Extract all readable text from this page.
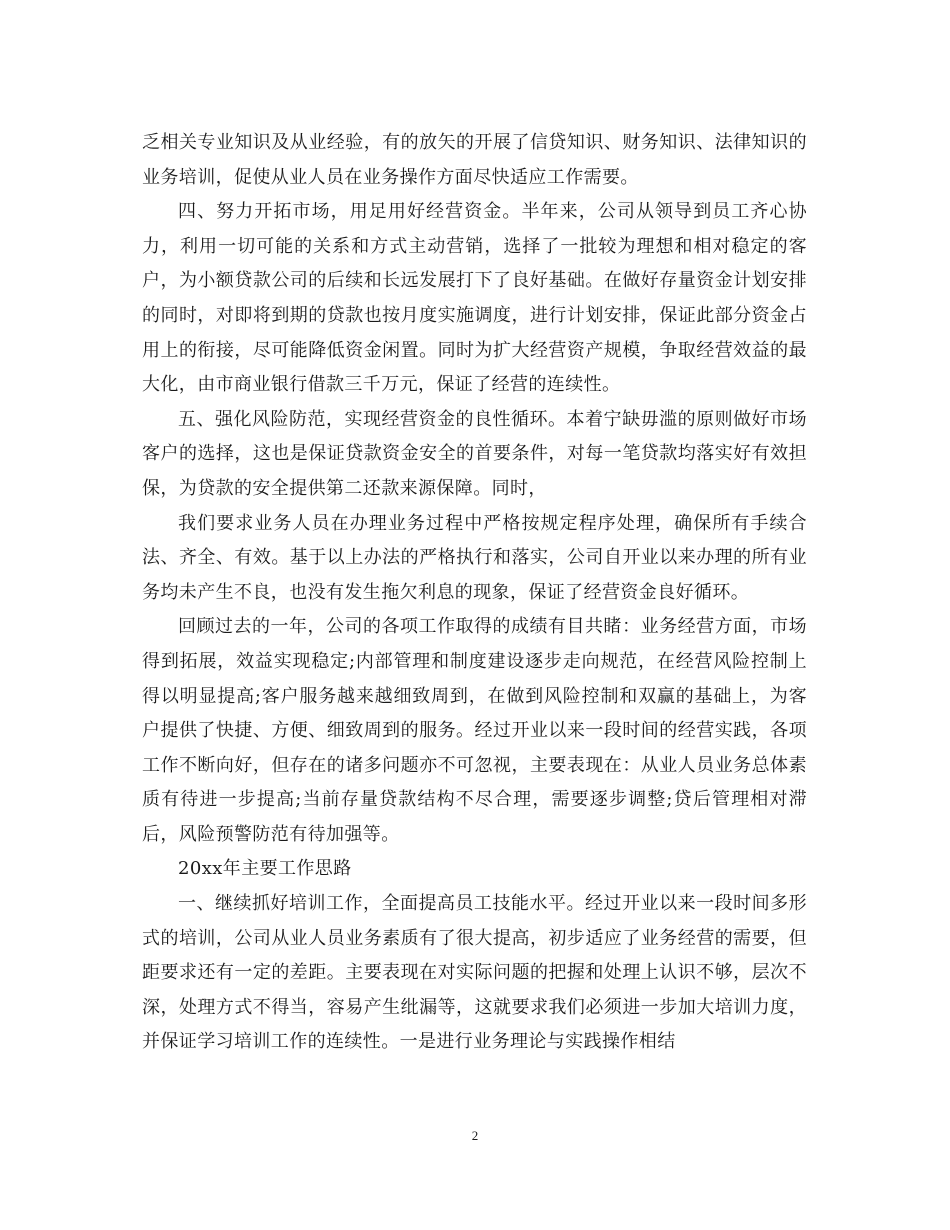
乏相关专业知识及从业经验，有的放矢的开展了信贷知识、财务知识、法律知识的业务培训，促使从业人员在业务操作方面尽快适应工作需要。

四、努力开拓市场，用足用好经营资金。半年来，公司从领导到员工齐心协力，利用一切可能的关系和方式主动营销，选择了一批较为理想和相对稳定的客户，为小额贷款公司的后续和长远发展打下了良好基础。在做好存量资金计划安排的同时，对即将到期的贷款也按月度实施调度，进行计划安排，保证此部分资金占用上的衔接，尽可能降低资金闲置。同时为扩大经营资产规模，争取经营效益的最大化，由市商业银行借款三千万元，保证了经营的连续性。

五、强化风险防范，实现经营资金的良性循环。本着宁缺毋滥的原则做好市场客户的选择，这也是保证贷款资金安全的首要条件，对每一笔贷款均落实好有效担保，为贷款的安全提供第二还款来源保障。同时，

我们要求业务人员在办理业务过程中严格按规定程序处理，确保所有手续合法、齐全、有效。基于以上办法的严格执行和落实，公司自开业以来办理的所有业务均未产生不良，也没有发生拖欠利息的现象，保证了经营资金良好循环。

回顾过去的一年，公司的各项工作取得的成绩有目共睹：业务经营方面，市场得到拓展，效益实现稳定;内部管理和制度建设逐步走向规范，在经营风险控制上得以明显提高;客户服务越来越细致周到，在做到风险控制和双赢的基础上，为客户提供了快捷、方便、细致周到的服务。经过开业以来一段时间的经营实践，各项工作不断向好，但存在的诸多问题亦不可忽视，主要表现在：从业人员业务总体素质有待进一步提高;当前存量贷款结构不尽合理，需要逐步调整;贷后管理相对滞后，风险预警防范有待加强等。

20xx年主要工作思路

一、继续抓好培训工作，全面提高员工技能水平。经过开业以来一段时间多形式的培训，公司从业人员业务素质有了很大提高，初步适应了业务经营的需要，但距要求还有一定的差距。主要表现在对实际问题的把握和处理上认识不够，层次不深，处理方式不得当，容易产生纰漏等，这就要求我们必须进一步加大培训力度，并保证学习培训工作的连续性。一是进行业务理论与实践操作相结

2
